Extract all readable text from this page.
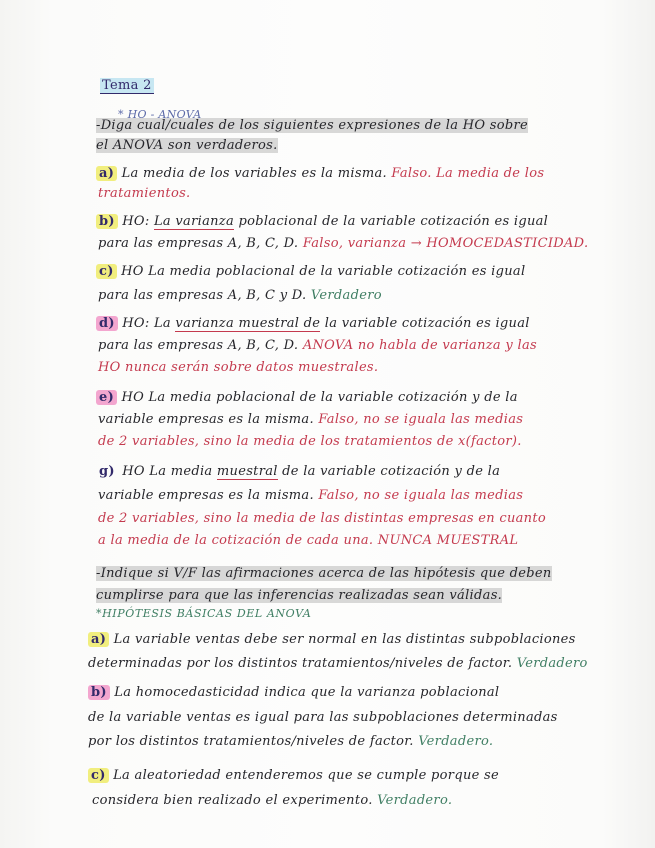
Tema 2
* HO - ANOVA
-Diga cual/cuales de los siguientes expresiones de la HO sobre
el ANOVA son verdaderos.
a) La media de los variables es la misma. Falso. La media de los
tratamientos.
b) HO: La varianza poblacional de la variable cotización es igual
para las empresas A, B, C, D. Falso, varianza → HOMOCEDASTICIDAD.
c) HO La media poblacional de la variable cotización es igual
para las empresas A, B, C y D. Verdadero
d) HO: La varianza muestral de la variable cotización es igual
para las empresas A, B, C, D. ANOVA no habla de varianza y las
HO nunca serán sobre datos muestrales.
e) HO La media poblacional de la variable cotización y de la
variable empresas es la misma. Falso, no se iguala las medias
de 2 variables, sino la media de los tratamientos de x(factor).
g) HO La media muestral de la variable cotización y de la
variable empresas es la misma. Falso, no se iguala las medias
de 2 variables, sino la media de las distintas empresas en cuanto
a la media de la cotización de cada una. NUNCA MUESTRAL
-Indique si V/F las afirmaciones acerca de las hipótesis que deben
cumplirse para que las inferencias realizadas sean válidas.
*HIPÓTESIS BÁSICAS DEL ANOVA
a) La variable ventas debe ser normal en las distintas subpoblaciones
determinadas por los distintos tratamientos/niveles de factor. Verdadero
b) La homocedasticidad indica que la varianza poblacional
de la variable ventas es igual para las subpoblaciones determinadas
por los distintos tratamientos/niveles de factor. Verdadero.
c) La aleatoriedad entenderemos que se cumple porque se
considera bien realizado el experimento. Verdadero.
